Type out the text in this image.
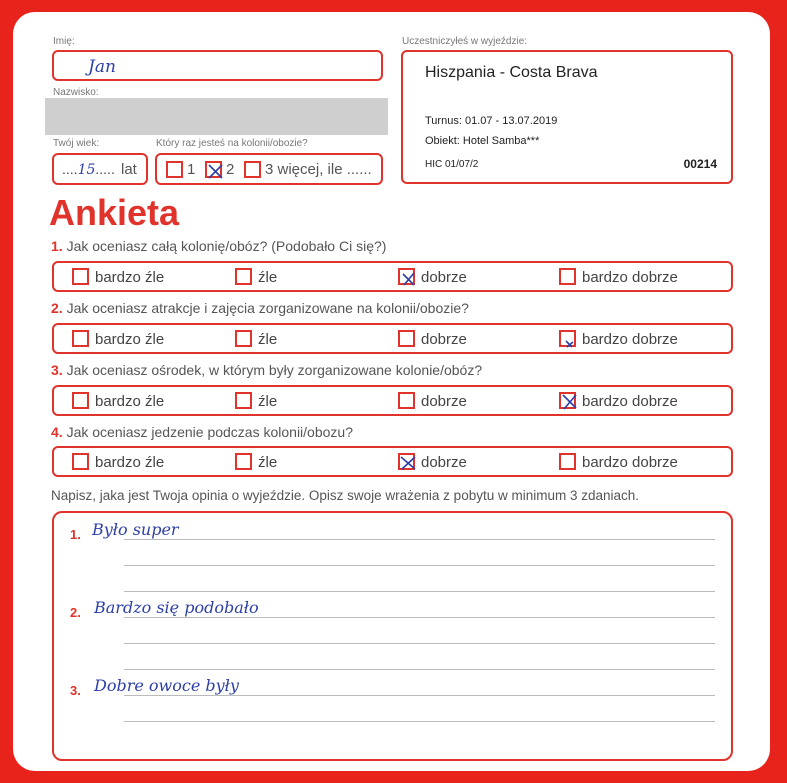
Imię:
Jan
Nazwisko:
Twój wiek:
....15..... lat
Który raz jesteś na kolonii/obozie?
1 2 3 więcej, ile ......
Uczestniczyłeś w wyjeździe:
Hiszpania - Costa Brava
Turnus: 01.07 - 13.07.2019
Obiekt: Hotel Samba***
HIC 01/07/2	00214
Ankieta
1. Jak oceniasz całą kolonię/obóz? (Podobało Ci się?)
bardzo źle	źle	dobrze	bardzo dobrze
2. Jak oceniasz atrakcje i zajęcia zorganizowane na kolonii/obozie?
bardzo źle	źle	dobrze	bardzo dobrze
3. Jak oceniasz ośrodek, w którym były zorganizowane kolonie/obóz?
bardzo źle	źle	dobrze	bardzo dobrze
4. Jak oceniasz jedzenie podczas kolonii/obozu?
bardzo źle	źle	dobrze	bardzo dobrze
Napisz, jaka jest Twoja opinia o wyjeździe. Opisz swoje wrażenia z pobytu w minimum 3 zdaniach.
1. Było super
2. Bardzo się podobało
3. Dobre owoce były
